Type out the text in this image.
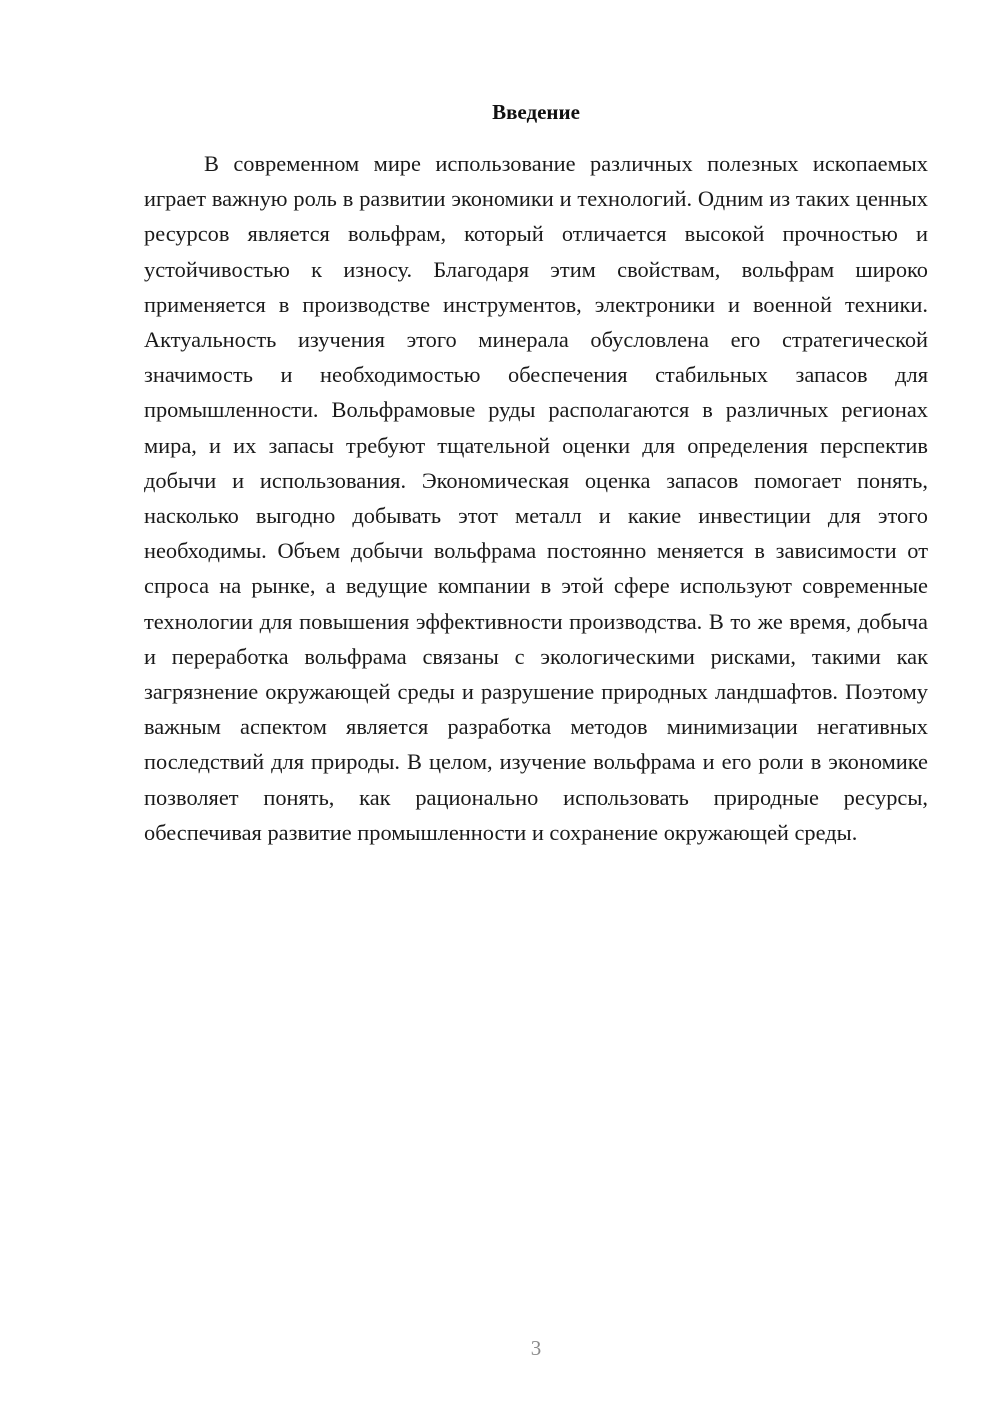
Введение

В современном мире использование различных полезных ископаемых играет важную роль в развитии экономики и технологий. Одним из таких ценных ресурсов является вольфрам, который отличается высокой прочностью и устойчивостью к износу. Благодаря этим свойствам, вольфрам широко применяется в производстве инструментов, электроники и военной техники. Актуальность изучения этого минерала обусловлена его стратегической значимость и необходимостью обеспечения стабильных запасов для промышленности. Вольфрамовые руды располагаются в различных регионах мира, и их запасы требуют тщательной оценки для определения перспектив добычи и использования. Экономическая оценка запасов помогает понять, насколько выгодно добывать этот металл и какие инвестиции для этого необходимы. Объем добычи вольфрама постоянно меняется в зависимости от спроса на рынке, а ведущие компании в этой сфере используют современные технологии для повышения эффективности производства. В то же время, добыча и переработка вольфрама связаны с экологическими рисками, такими как загрязнение окружающей среды и разрушение природных ландшафтов. Поэтому важным аспектом является разработка методов минимизации негативных последствий для природы. В целом, изучение вольфрама и его роли в экономике позволяет понять, как рационально использовать природные ресурсы, обеспечивая развитие промышленности и сохранение окружающей среды.

3
